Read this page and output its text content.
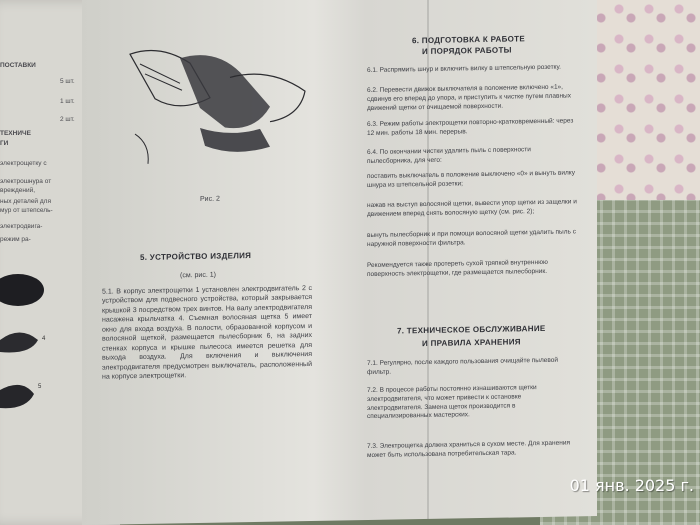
ПОСТАВКИ
5 шт.
1 шт.
2 шт.
ТЕХНИЧЕ
ГИ
электрощетку с
электрошнура от
вреждений,
ных деталей для
мур от штепсель-
электродвига-
режим ра-
4
5
Рис. 2
5. УСТРОЙСТВО ИЗДЕЛИЯ
(см. рис. 1)
5.1. В корпус электрощетки 1 установлен электродвигатель 2 с устройством для подвесного устройства, который закрывается крышкой 3 посредством трех винтов. На валу электродвигателя насажена крыльчатка 4. Съемная волосяная щетка 5 имеет окно для входа воздуха. В полости, образованной корпусом и волосяной щеткой, размещается пылесборник 6, на задних стенках корпуса и крышке пылесоса имеется решетка для выхода воздуха. Для включения и выключения электродвигателя предусмотрен выключатель, расположенный на корпусе электрощетки.
6. ПОДГОТОВКА К РАБОТЕ
И ПОРЯДОК РАБОТЫ
6.1. Распрямить шнур и включить вилку в штепсельную розетку.
6.2. Перевести движок выключателя в положение включено «1», сдвинув его вперед до упора, и приступить к чистке путем плавных движений щетки от очищаемой поверхности.
6.3. Режим работы электрощетки повторно-кратковременный: через 12 мин. работы 18 мин. перерыв.
6.4. По окончании чистки удалить пыль с поверхности пылесборника, для чего:
поставить выключатель в положение выключено «0» и вынуть вилку шнура из штепсельной розетки;
нажав на выступ волосяной щетки, вывести упор щетки из защелки и движением вперед снять волосяную щетку (см. рис. 2);
вынуть пылесборник и при помощи волосяной щетки удалить пыль с наружной поверхности фильтра.
Рекомендуется также протереть сухой тряпкой внутреннюю поверхность электрощетки, где размещается пылесборник.
7. ТЕХНИЧЕСКОЕ ОБСЛУЖИВАНИЕ
И ПРАВИЛА ХРАНЕНИЯ
7.1. Регулярно, после каждого пользования очищайте пылевой фильтр.
7.2. В процессе работы постоянно изнашиваются щетки электродвигателя, что может привести к остановке электродвигателя. Замена щеток производится в специализированных мастерских.
7.3. Электрощетка должна храниться в сухом месте. Для хранения может быть использована потребительская тара.
01 янв. 2025 г.
